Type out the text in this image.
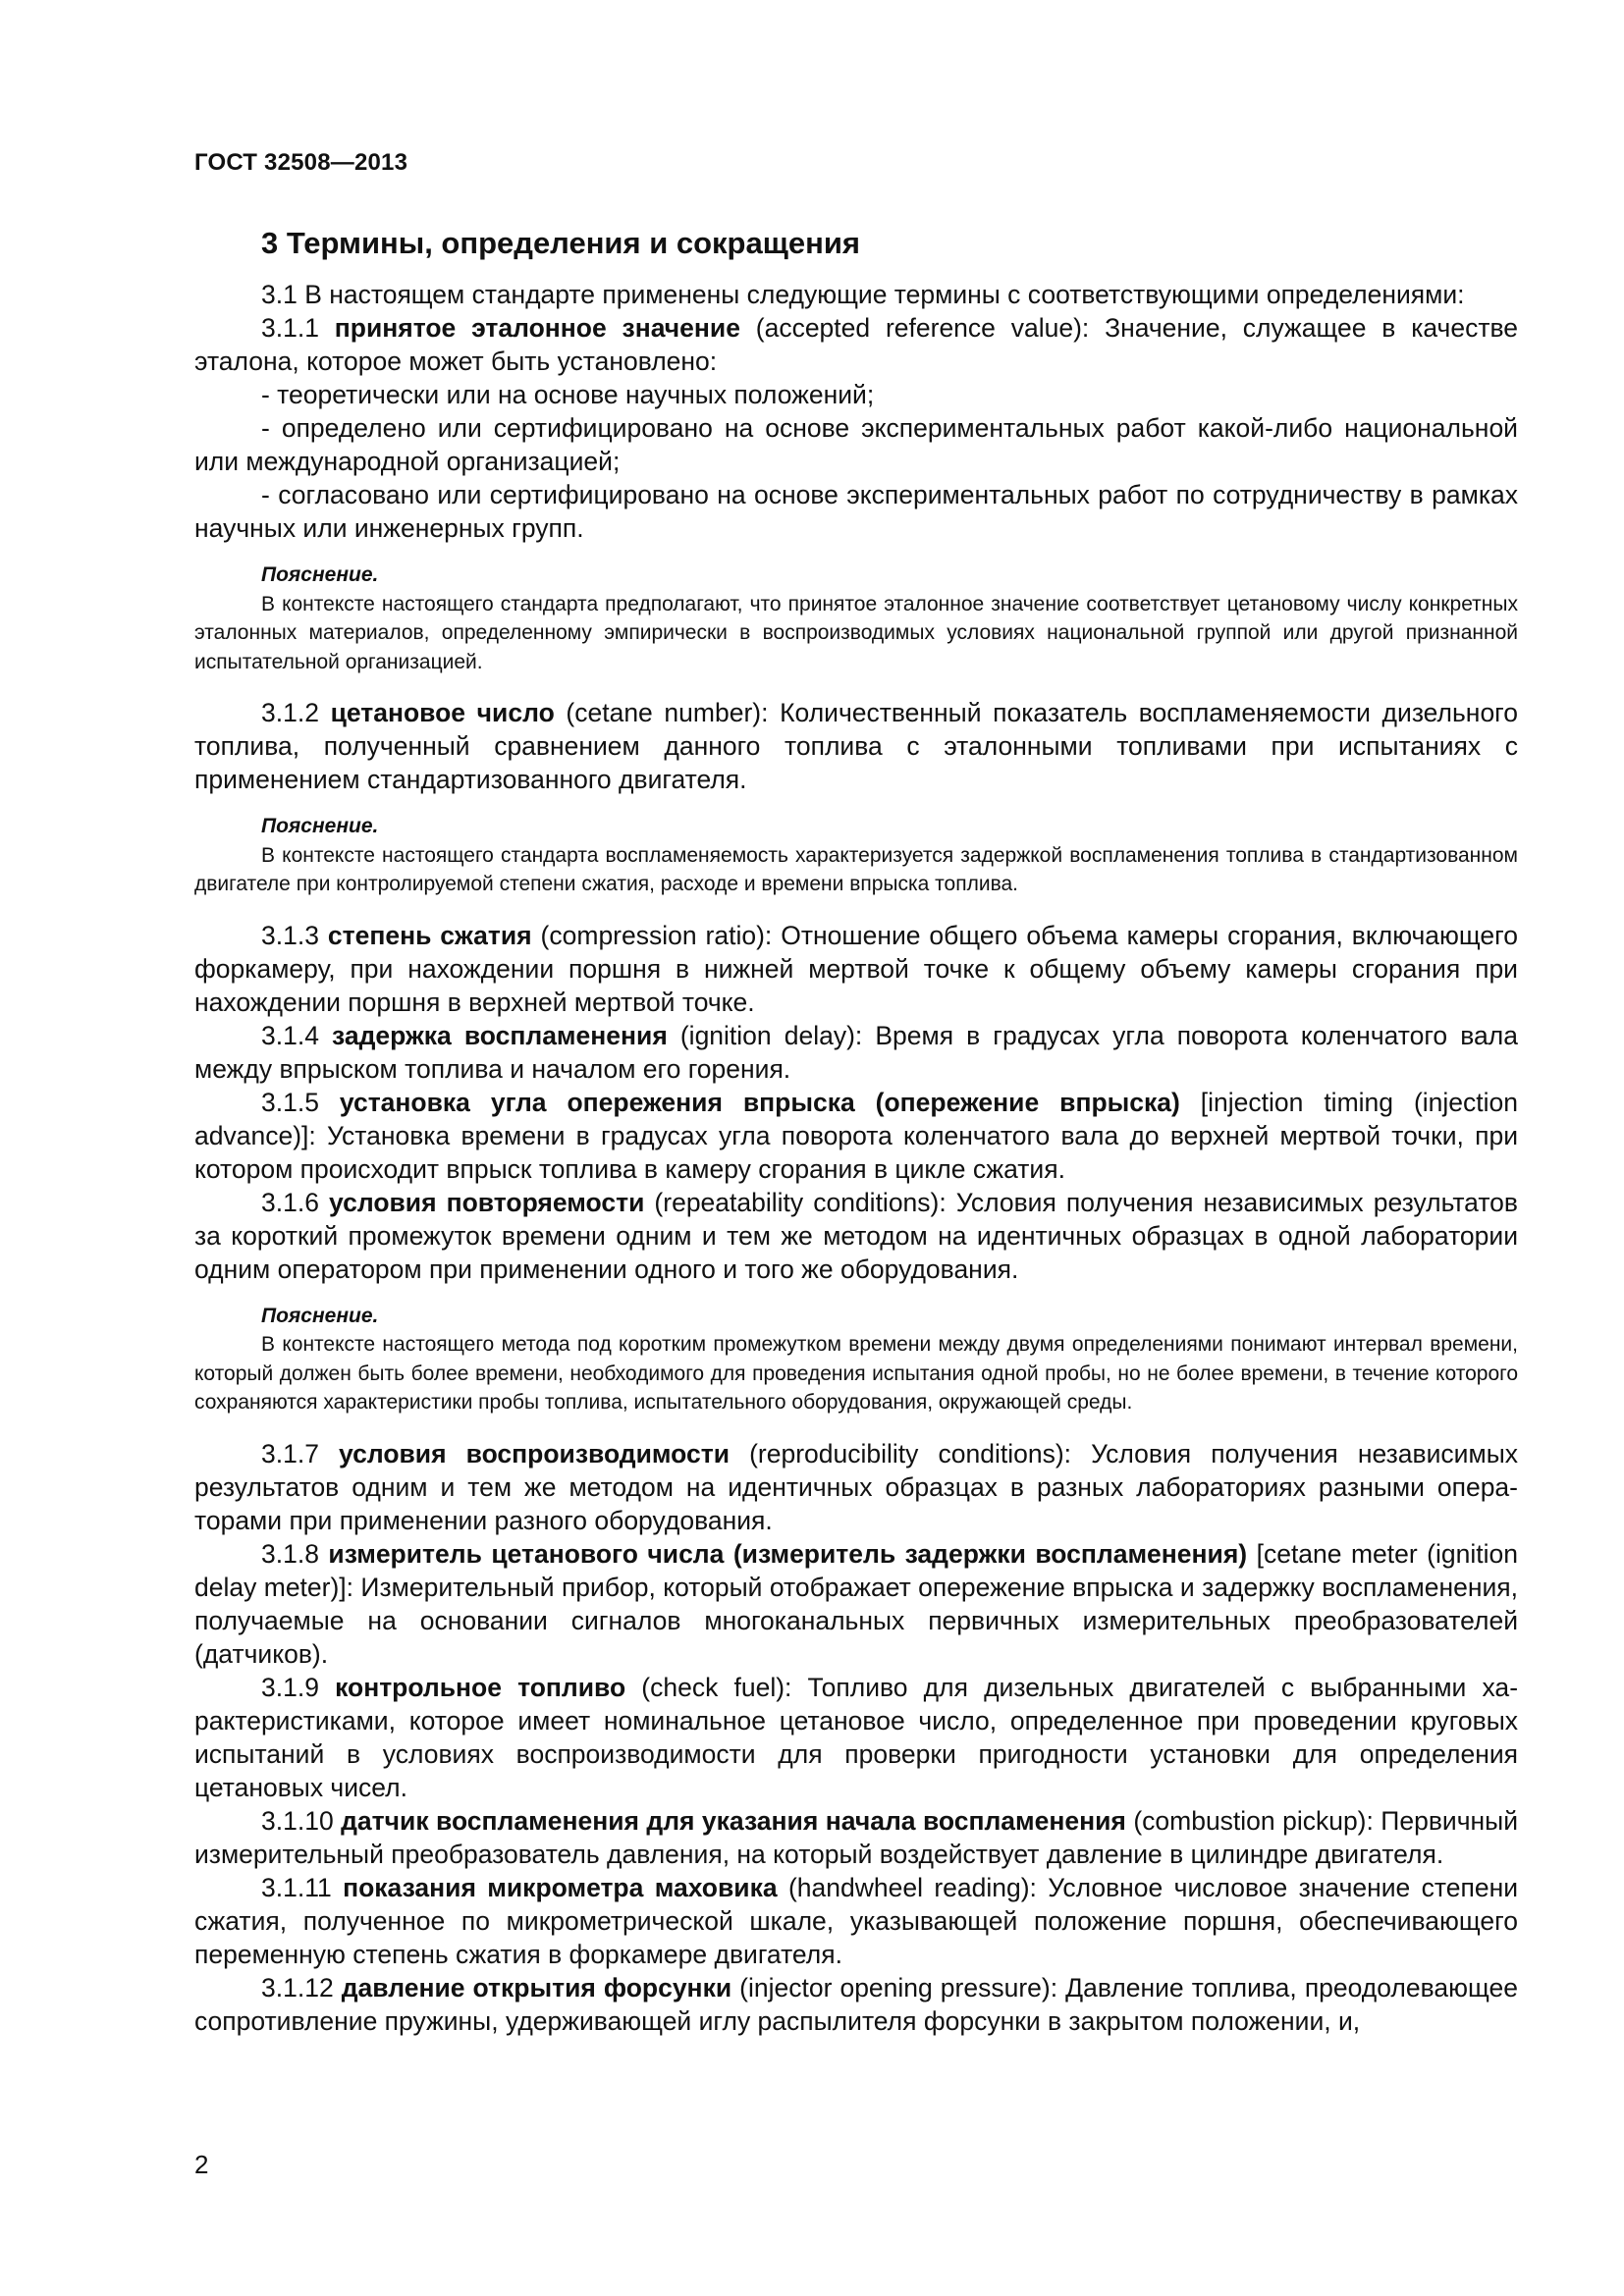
ГОСТ 32508—2013
3 Термины, определения и сокращения

3.1 В настоящем стандарте применены следующие термины с соответствующими определениями:

3.1.1 принятое эталонное значение (accepted reference value): Значение, служащее в качестве эталона, которое может быть установлено:

- теоретически или на основе научных положений;

- определено или сертифицировано на основе экспериментальных работ какой-либо национальной или международной организацией;

- согласовано или сертифицировано на основе экспериментальных работ по сотрудничеству в рамках научных или инженерных групп.

Пояснение.

В контексте настоящего стандарта предполагают, что принятое эталонное значение соответствует цетановому числу конкретных эталонных материалов, определенному эмпирически в воспроизводимых условиях национальной группой или другой признанной испытательной организацией.

3.1.2 цетановое число (cetane number): Количественный показатель воспламеняемости дизельного топлива, полученный сравнением данного топлива с эталонными топливами при испытаниях с применением стандартизованного двигателя.

Пояснение.

В контексте настоящего стандарта воспламеняемость характеризуется задержкой воспламенения топлива в стандартизованном двигателе при контролируемой степени сжатия, расходе и времени впрыска топлива.

3.1.3 степень сжатия (compression ratio): Отношение общего объема камеры сгорания, включающего форкамеру, при нахождении поршня в нижней мертвой точке к общему объему камеры сгорания при нахождении поршня в верхней мертвой точке.

3.1.4 задержка воспламенения (ignition delay): Время в градусах угла поворота коленчатого вала между впрыском топлива и началом его горения.

3.1.5 установка угла опережения впрыска (опережение впрыска) [injection timing (injection advance)]: Установка времени в градусах угла поворота коленчатого вала до верхней мертвой точки, при котором происходит впрыск топлива в камеру сгорания в цикле сжатия.

3.1.6 условия повторяемости (repeatability conditions): Условия получения независимых результатов за короткий промежуток времени одним и тем же методом на идентичных образцах в одной лаборатории одним оператором при применении одного и того же оборудования.

Пояснение.

В контексте настоящего метода под коротким промежутком времени между двумя определениями понимают интервал времени, который должен быть более времени, необходимого для проведения испытания одной пробы, но не более времени, в течение которого сохраняются характеристики пробы топлива, испытательного оборудования, окружающей среды.

3.1.7 условия воспроизводимости (reproducibility conditions): Условия получения независимых результатов одним и тем же методом на идентичных образцах в разных лабораториях разными операторами при применении разного оборудования.

3.1.8 измеритель цетанового числа (измеритель задержки воспламенения) [cetane meter (ignition delay meter)]: Измерительный прибор, который отображает опережение впрыска и задержку воспламенения, получаемые на основании сигналов многоканальных первичных измерительных преобразователей (датчиков).

3.1.9 контрольное топливо (check fuel): Топливо для дизельных двигателей с выбранными характеристиками, которое имеет номинальное цетановое число, определенное при проведении круговых испытаний в условиях воспроизводимости для проверки пригодности установки для определения цетановых чисел.

3.1.10 датчик воспламенения для указания начала воспламенения (combustion pickup): Первичный измерительный преобразователь давления, на который воздействует давление в цилиндре двигателя.

3.1.11 показания микрометра маховика (handwheel reading): Условное числовое значение степени сжатия, полученное по микрометрической шкале, указывающей положение поршня, обеспечивающего переменную степень сжатия в форкамере двигателя.

3.1.12 давление открытия форсунки (injector opening pressure): Давление топлива, преодолевающее сопротивление пружины, удерживающей иглу распылителя форсунки в закрытом положении, и,

2
